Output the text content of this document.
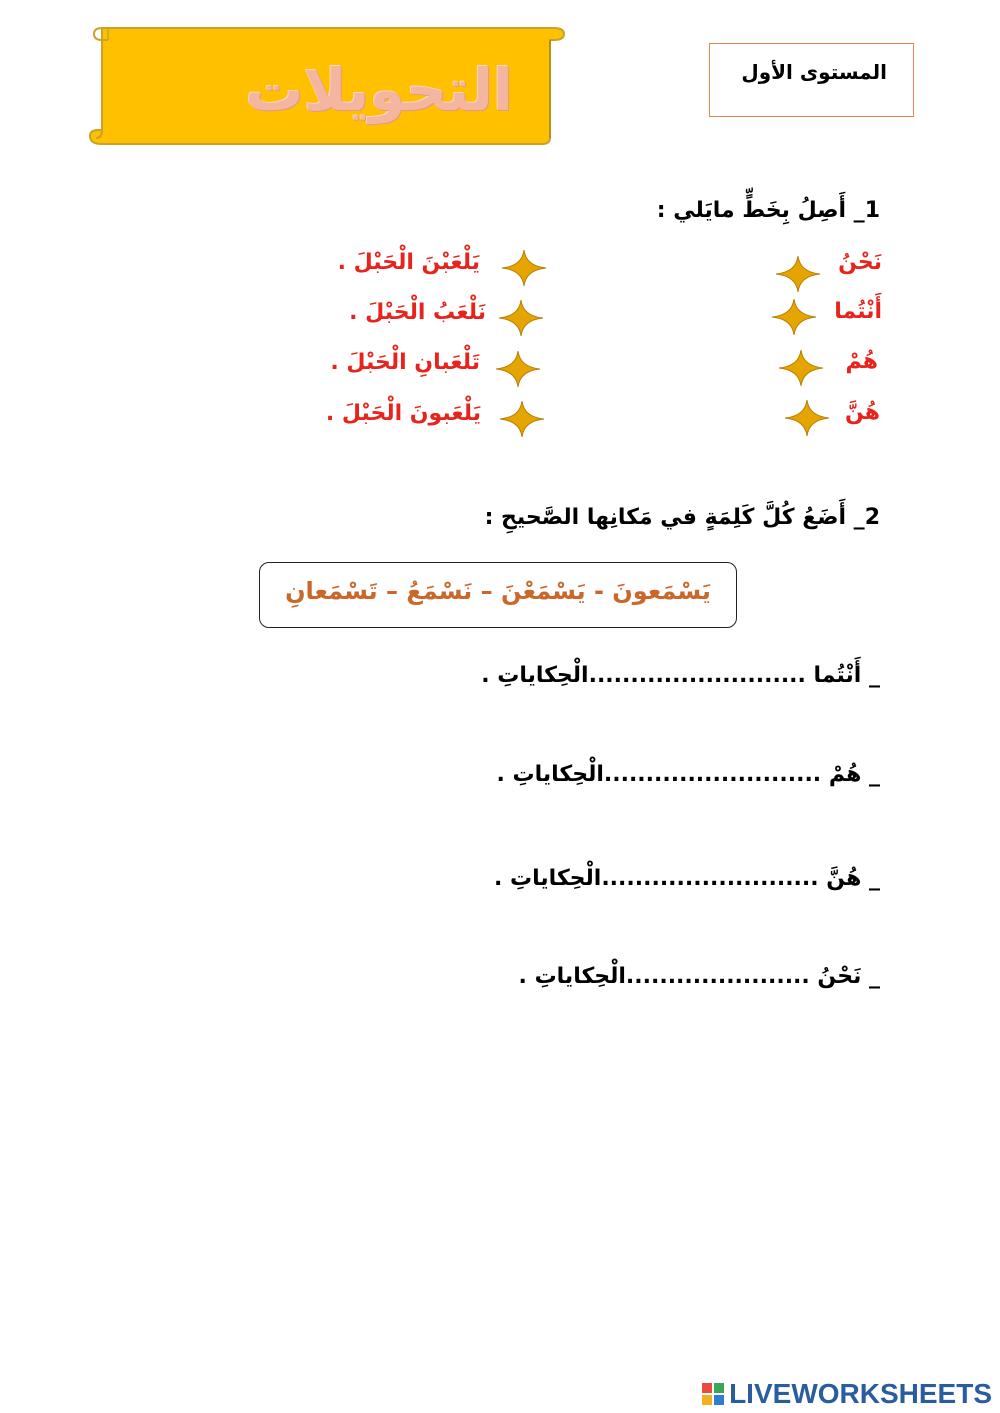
التحويلات	المستوى الأول
1_ أَصِلُ بِخَطٍّ مايَلي :
نَحْنُ
أَنْتُما
هُمْ
هُنَّ
يَلْعَبْنَ الْحَبْلَ .
نَلْعَبُ الْحَبْلَ .
تَلْعَبانِ الْحَبْلَ .
يَلْعَبونَ الْحَبْلَ .
2_ أَضَعُ كُلَّ كَلِمَةٍ في مَكانِها الصَّحيحِ :
يَسْمَعونَ - يَسْمَعْنَ – نَسْمَعُ – تَسْمَعانِ
_ أَنْتُما ..........................الْحِكاياتِ .
_ هُمْ ..........................الْحِكاياتِ .
_ هُنَّ ..........................الْحِكاياتِ .
_ نَحْنُ ......................الْحِكاياتِ .
LIVEWORKSHEETS
